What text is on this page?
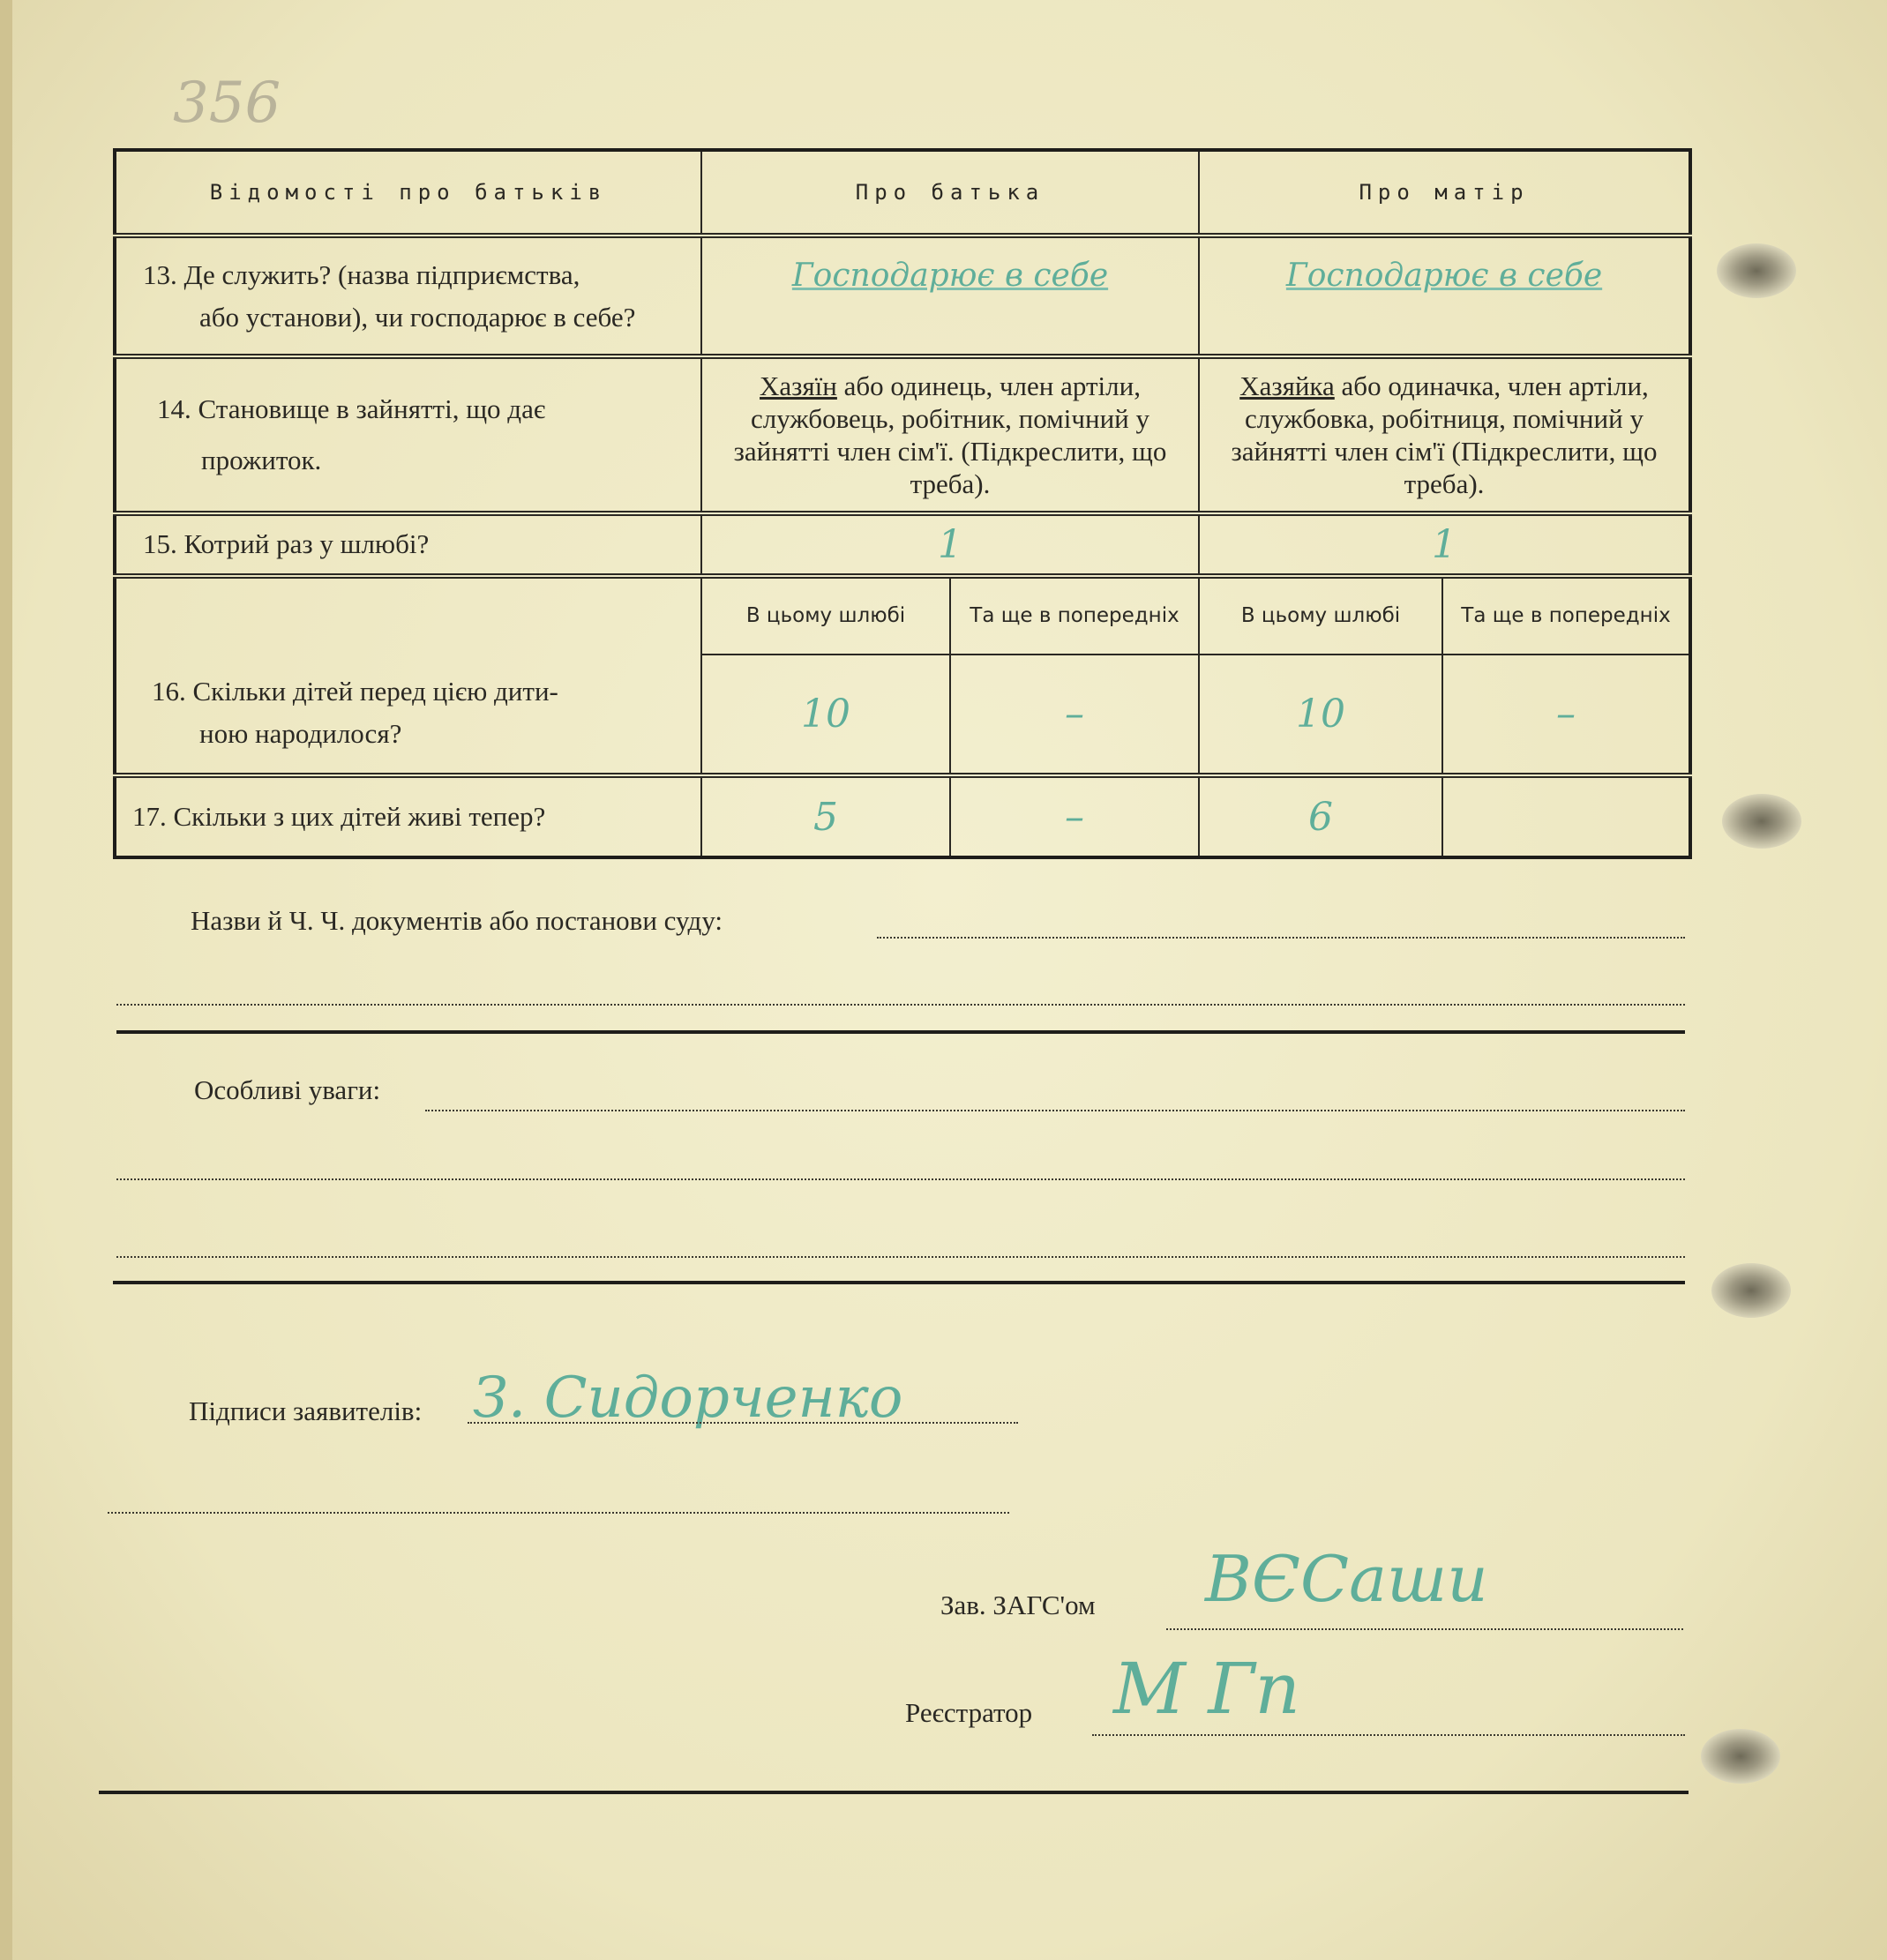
356
Відомості про батьків	Про батька		Про матір	
13. Де служить? (назва підприємства,
або установи), чи господарює в себе?	Господарює в себе		Господарює в себе	
14. Становище в зайнятті, що дає
прожиток.	Хазяїн або одинець, член артіли, службовець, робітник, помічний у зайнятті член сім'ї. (Підкреслити, що треба).		Хазяйка або одиначка, член артіли, службовка, робітниця, помічний у зайнятті член сім'ї (Підкреслити, що треба).	
15. Котрий раз у шлюбі?	1		1	
16. Скільки дітей перед цією дити-
ною народилося?	В цьому шлюбі	Та ще в попередніх	В цьому шлюбі	Та ще в попередніх
	10	–	10	–
17. Скільки з цих дітей живі тепер?	5	–	6	
Назви й Ч. Ч. документів або постанови суду:
Особливі уваги:
Підписи заявителів: З. Сидорченко
Зав. ЗАГС'ом ВЄСаши
Реєстратор М Гп
